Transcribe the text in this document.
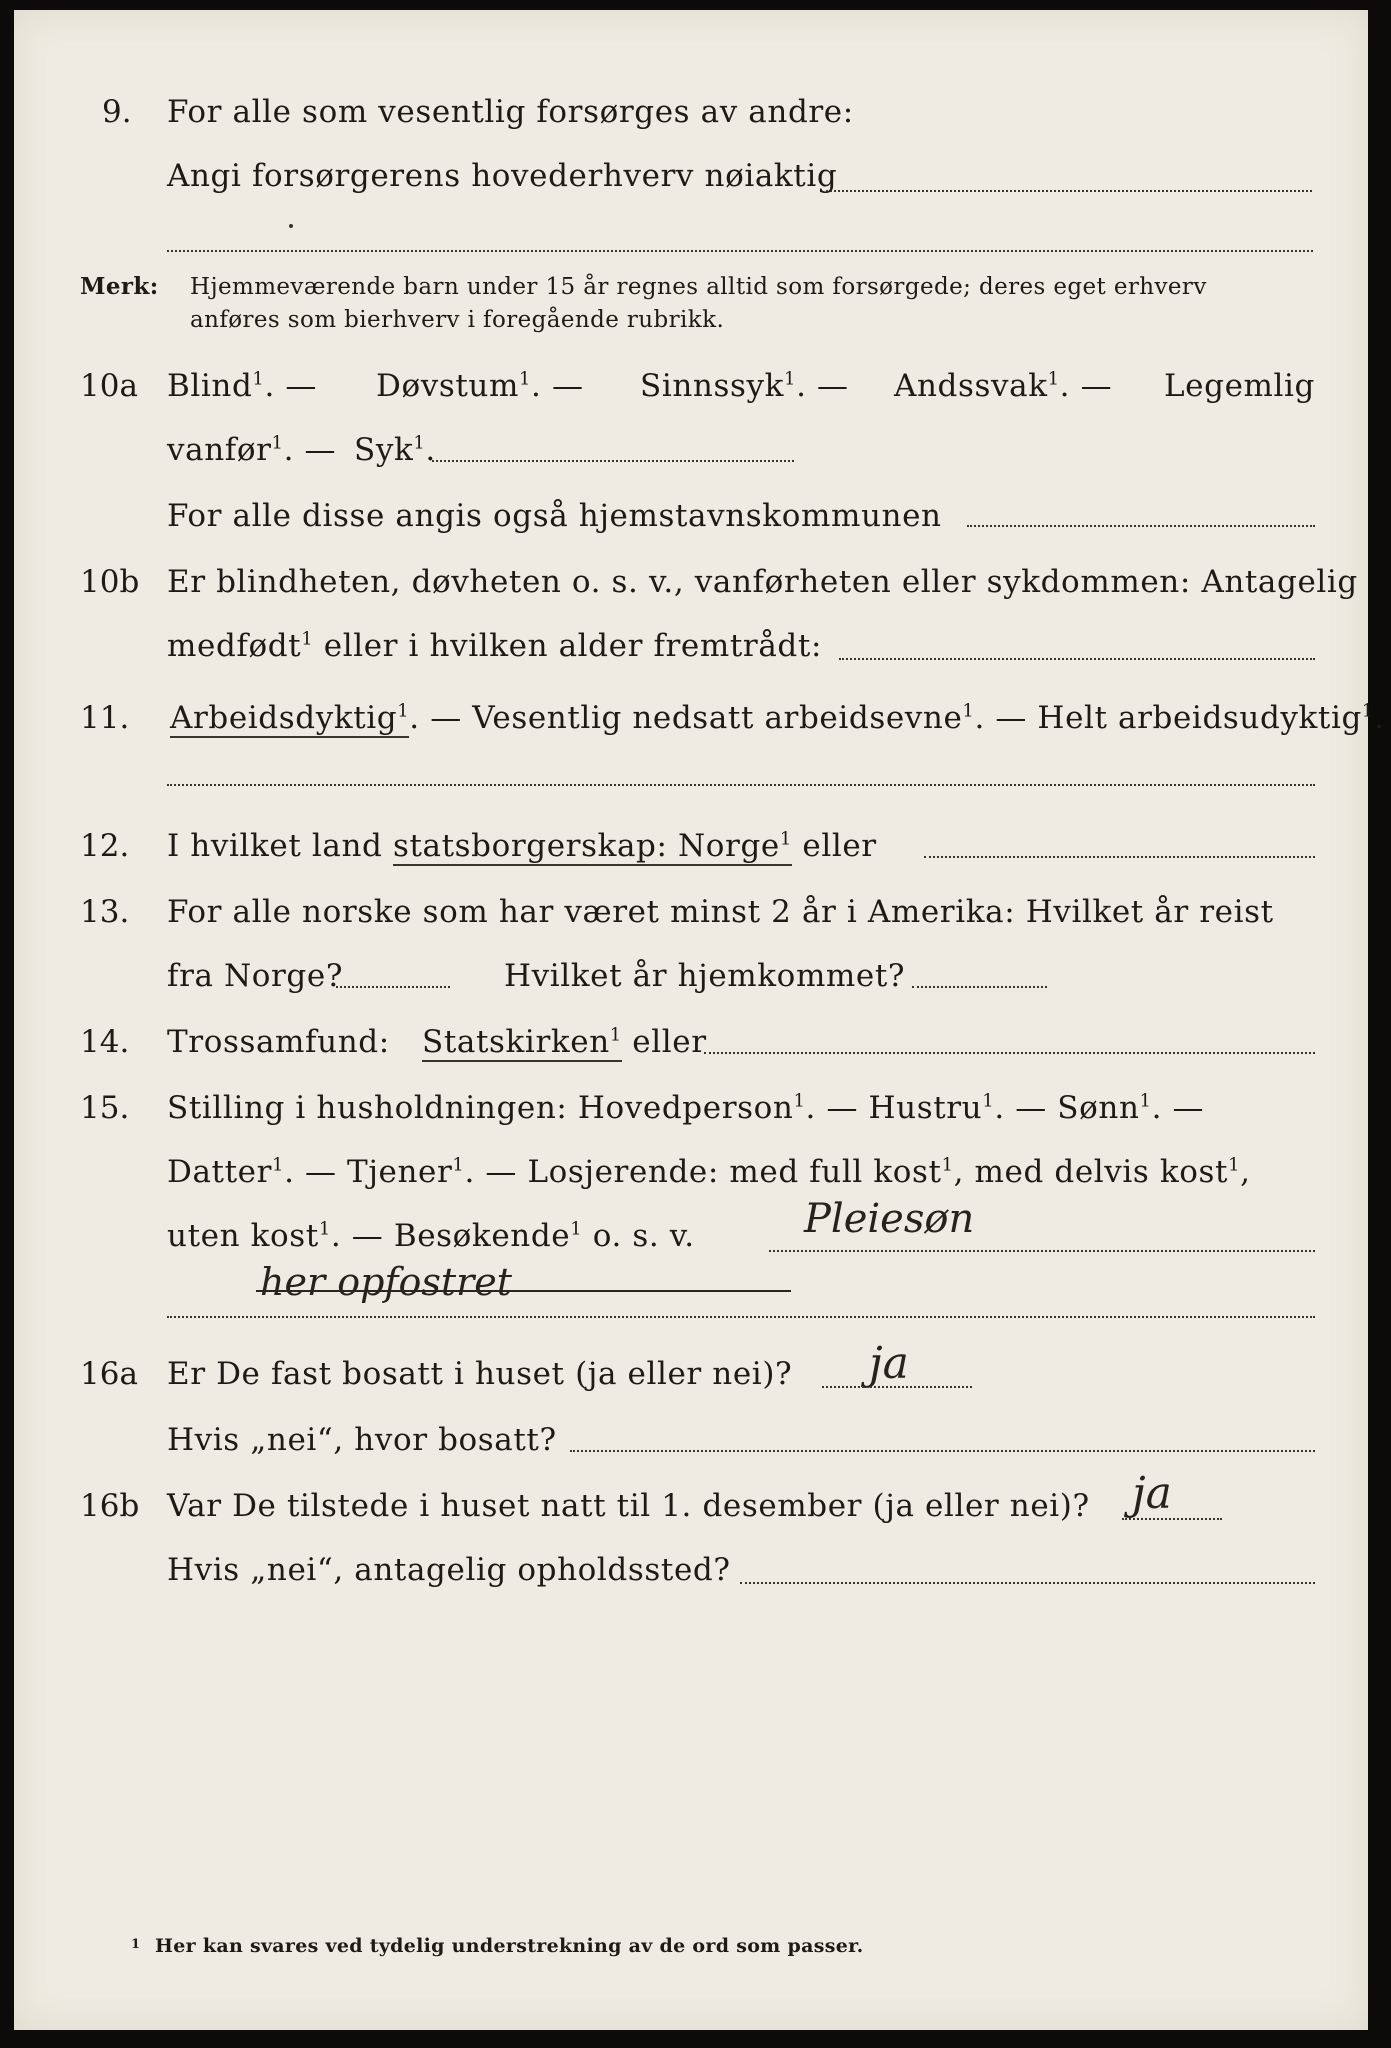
9. For alle som vesentlig forsørges av andre:
Angi forsørgerens hovederhverv nøiaktig
Merk: Hjemmeværende barn under 15 år regnes alltid som forsørgede; deres eget erhverv
anføres som bierhverv i foregående rubrikk.
10a Blind$^1$. — Døvstum$^1$. — Sinnssyk$^1$. — Andssvak$^1$. — Legemlig
vanfør$^1$. — Syk$^1$.
For alle disse angis også hjemstavnskommunen
10b Er blindheten, døvheten o. s. v., vanførheten eller sykdommen: Antagelig
medfødt$^1$ eller i hvilken alder fremtrådt:
11. Arbeidsdyktig$^1$. — Vesentlig nedsatt arbeidsevne$^1$. — Helt arbeidsudyktig$^1$.
12. I hvilket land statsborgerskap: Norge$^1$ eller
13. For alle norske som har været minst 2 år i Amerika: Hvilket år reist
fra Norge?	Hvilket år hjemkommet?
14. Trossamfund: Statskirken$^1$ eller
15. Stilling i husholdningen: Hovedperson$^1$. — Hustru$^1$. — Sønn$^1$. —
Datter$^1$. — Tjener$^1$. — Losjerende: med full kost$^1$, med delvis kost$^1$,
uten kost$^1$. — Besøkende$^1$ o. s. v.	Pleiesøn
her opfostret
16a Er De fast bosatt i huset (ja eller nei)? ja
Hvis „nei“, hvor bosatt?
16b Var De tilstede i huset natt til 1. desember (ja eller nei)? ja
Hvis „nei“, antagelig opholdssted?
1 Her kan svares ved tydelig understrekning av de ord som passer.
